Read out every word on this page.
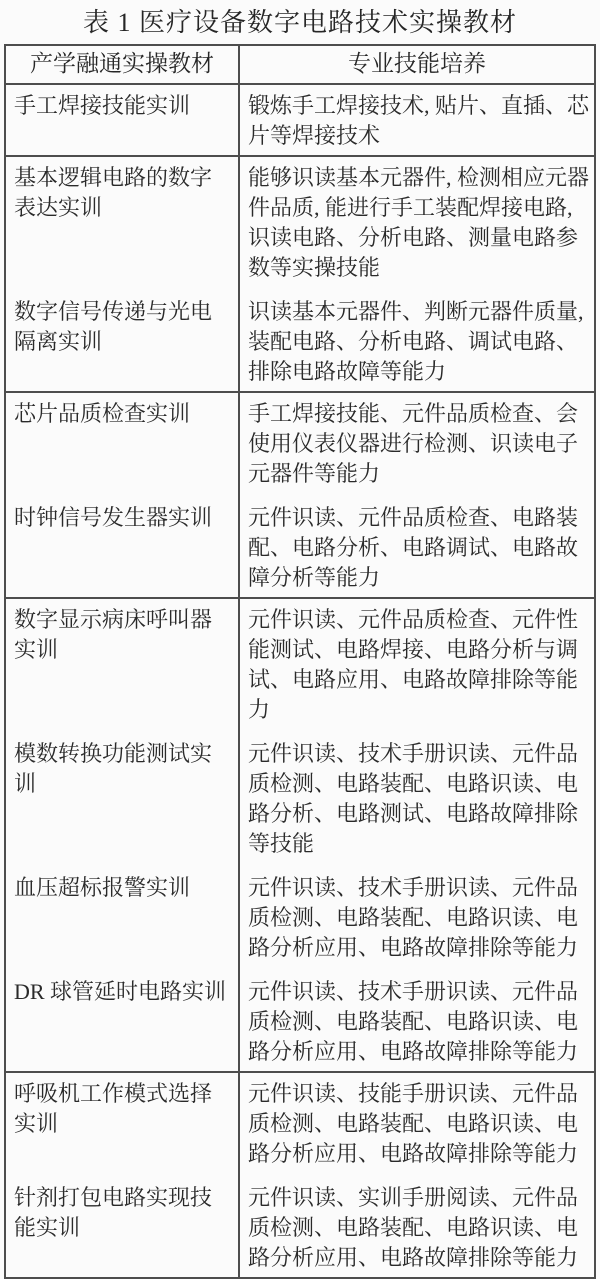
表 1 医疗设备数字电路技术实操教材
产学融通实操教材	专业技能培养
手工焊接技能实训	锻炼手工焊接技术, 贴片、直插、芯片等焊接技术
基本逻辑电路的数字表达实训	能够识读基本元器件, 检测相应元器件品质, 能进行手工装配焊接电路, 识读电路、分析电路、测量电路参数等实操技能
数字信号传递与光电隔离实训	识读基本元器件、判断元器件质量, 装配电路、分析电路、调试电路、排除电路故障等能力
芯片品质检查实训	手工焊接技能、元件品质检查、会使用仪表仪器进行检测、识读电子元器件等能力
时钟信号发生器实训	元件识读、元件品质检查、电路装配、电路分析、电路调试、电路故障分析等能力
数字显示病床呼叫器实训	元件识读、元件品质检查、元件性能测试、电路焊接、电路分析与调试、电路应用、电路故障排除等能力
模数转换功能测试实训	元件识读、技术手册识读、元件品质检测、电路装配、电路识读、电路分析、电路测试、电路故障排除等技能
血压超标报警实训	元件识读、技术手册识读、元件品质检测、电路装配、电路识读、电路分析应用、电路故障排除等能力
DR 球管延时电路实训	元件识读、技术手册识读、元件品质检测、电路装配、电路识读、电路分析应用、电路故障排除等能力
呼吸机工作模式选择实训	元件识读、技能手册识读、元件品质检测、电路装配、电路识读、电路分析应用、电路故障排除等能力
针剂打包电路实现技能实训	元件识读、实训手册阅读、元件品质检测、电路装配、电路识读、电路分析应用、电路故障排除等能力
